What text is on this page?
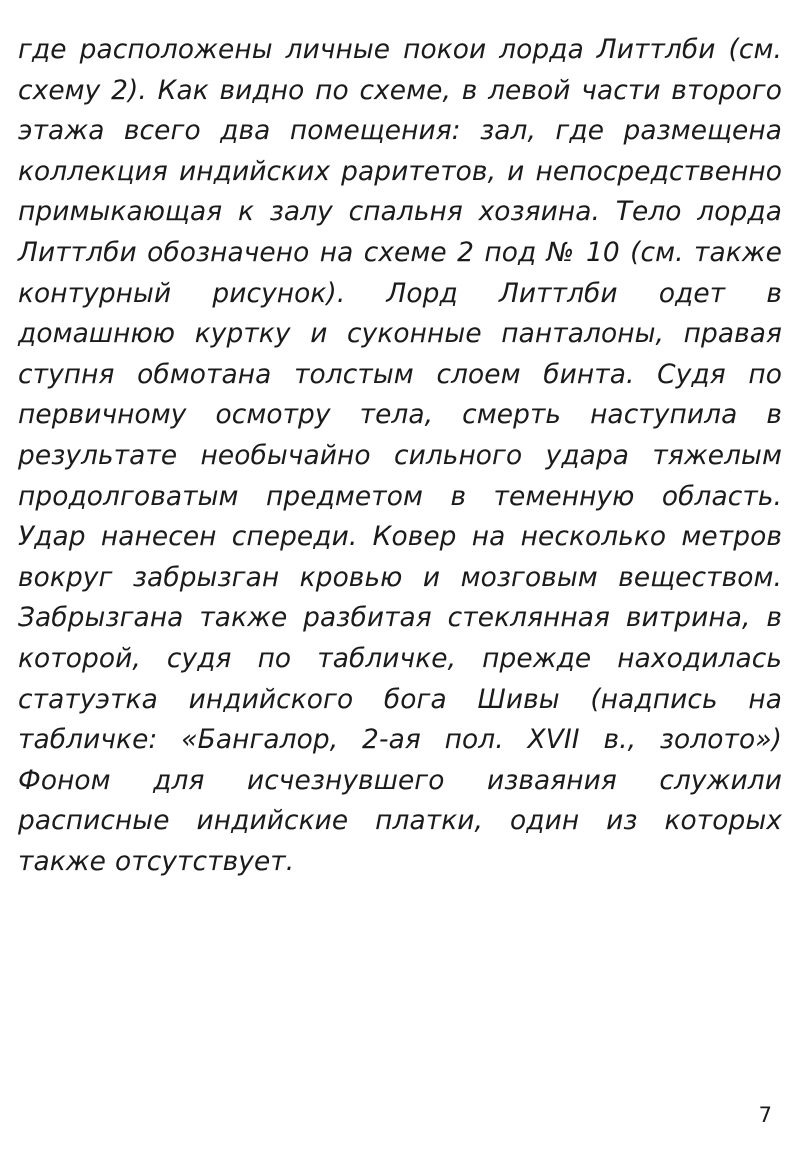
где расположены личные покои лорда Литтлби (см. схему 2). Как видно по схеме, в левой части второго этажа всего два помещения: зал, где размещена коллекция индийских раритетов, и непосредственно примыкающая к залу спальня хозяина. Тело лорда Литтлби обозначено на схеме 2 под № 10 (см. также контурный рисунок). Лорд Литтлби одет в домашнюю куртку и суконные панталоны, правая ступня обмотана толстым слоем бинта. Судя по первичному осмотру тела, смерть наступила в результате необычайно сильного удара тяжелым продолговатым предметом в теменную область. Удар нанесен спереди. Ковер на несколько метров вокруг забрызган кровью и мозговым веществом. Забрызгана также разбитая стеклянная витрина, в которой, судя по табличке, прежде находилась статуэтка индийского бога Шивы (надпись на табличке: «Бангалор, 2-ая пол. XVII в., золото») Фоном для исчезнувшего изваяния служили расписные индийские платки, один из которых также отсутствует.

7
